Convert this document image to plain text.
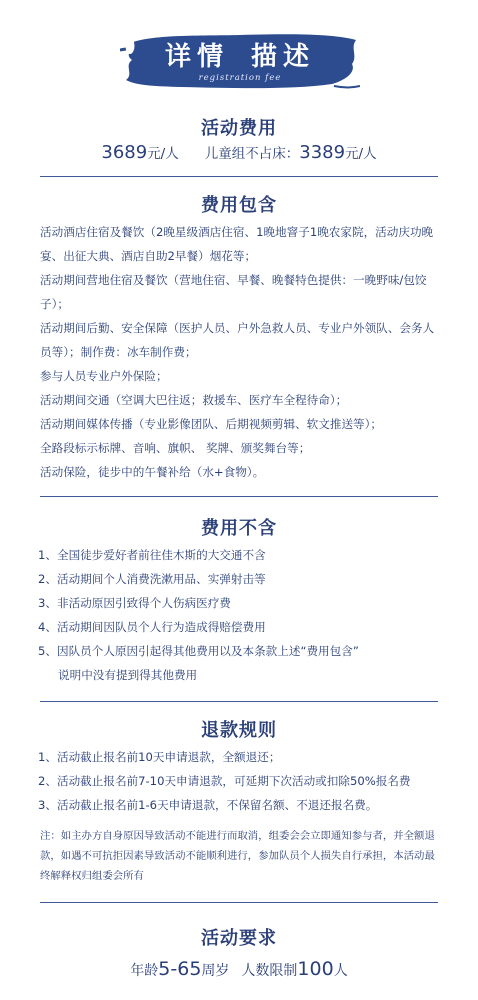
详情 描述
registration fee
活动费用
3689元/人 儿童组不占床：3389元/人
费用包含

活动酒店住宿及餐饮（2晚星级酒店住宿、1晚地窨子1晚农家院，活动庆功晚宴、出征大典、酒店自助2早餐）烟花等；

活动期间营地住宿及餐饮（营地住宿、早餐、晚餐特色提供：一晚野味/包饺子）；

活动期间后勤、安全保障（医护人员、户外急救人员、专业户外领队、会务人员等）；制作费：冰车制作费；

参与人员专业户外保险；

活动期间交通（空调大巴往返；救援车、医疗车全程待命）；

活动期间媒体传播（专业影像团队、后期视频剪辑、软文推送等）；

全路段标示标牌、音响、旗帜、 奖牌、颁奖舞台等；

活动保险，徒步中的午餐补给（水+食物）。

费用不含
1、全国徒步爱好者前往佳木斯的大交通不含
2、活动期间个人消费洗漱用品、实弹射击等
3、非活动原因引致得个人伤病医疗费
4、活动期间因队员个人行为造成得赔偿费用
5、因队员个人原因引起得其他费用以及本条款上述“费用包含”
说明中没有提到得其他费用
退款规则
1、活动截止报名前10天申请退款，全额退还；
2、活动截止报名前7-10天申请退款，可延期下次活动或扣除50%报名费
3、活动截止报名前1-6天申请退款，不保留名额、不退还报名费。
注：如主办方自身原因导致活动不能进行而取消，组委会会立即通知参与者，并全额退款，如遇不可抗拒因素导致活动不能顺利进行，参加队员个人损失自行承担，本活动最终解释权归组委会所有
活动要求
年龄5-65周岁 人数限制100人
